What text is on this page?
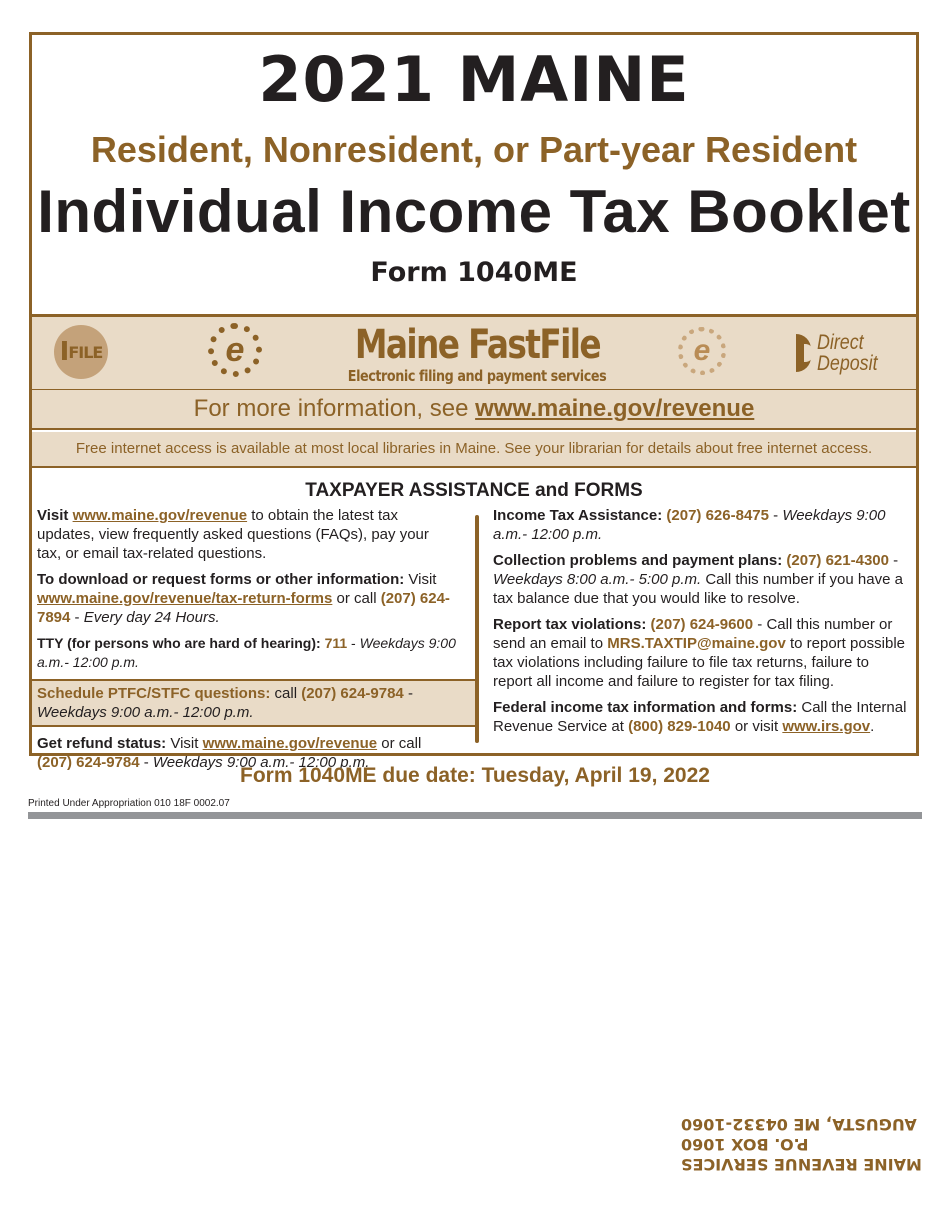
2021 MAINE
Resident, Nonresident, or Part-year Resident
Individual Income Tax Booklet
Form 1040ME
I FILE	e	Maine FastFile
Electronic filing and payment services
e	Direct Deposit
For more information, see www.maine.gov/revenue
Free internet access is available at most local libraries in Maine. See your librarian for details about free internet access.
TAXPAYER ASSISTANCE and FORMS

Visit www.maine.gov/revenue to obtain the latest tax updates, view frequently asked questions (FAQs), pay your tax, or email tax-related questions.

To download or request forms or other information: Visit www.maine.gov/revenue/tax-return-forms or call (207) 624-7894 - Every day 24 Hours.

TTY (for persons who are hard of hearing): 711 - Weekdays 9:00 a.m.- 12:00 p.m.

Schedule PTFC/STFC questions: call (207) 624-9784 - Weekdays 9:00 a.m.- 12:00 p.m.

Get refund status: Visit www.maine.gov/revenue or call (207) 624-9784 - Weekdays 9:00 a.m.- 12:00 p.m.

Income Tax Assistance: (207) 626-8475 - Weekdays 9:00 a.m.- 12:00 p.m.

Collection problems and payment plans: (207) 621-4300 - Weekdays 8:00 a.m.- 5:00 p.m. Call this number if you have a tax balance due that you would like to resolve.

Report tax violations: (207) 624-9600 - Call this number or send an email to MRS.TAXTIP@maine.gov to report possible tax violations including failure to file tax returns, failure to report all income and failure to register for tax filing.

Federal income tax information and forms: Call the Internal Revenue Service at (800) 829-1040 or visit www.irs.gov.

Form 1040ME due date: Tuesday, April 19, 2022
Printed Under Appropriation 010 18F 0002.07
MAINE REVENUE SERVICES
P.O. BOX 1060
AUGUSTA, ME 04332-1060
